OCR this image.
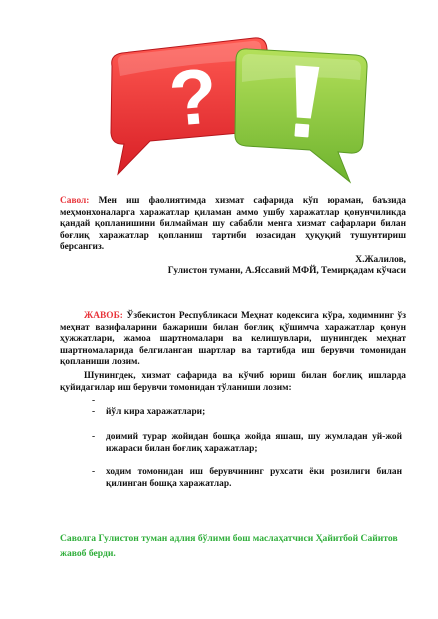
?
Савол: Мен иш фаолиятимда хизмат сафарида кўп юраман, баъзида меҳмонхоналарга харажатлар қиламан аммо ушбу харажатлар қонунчиликда қандай қопланишини билмайман шу сабабли менга хизмат сафарлари билан боғлиқ харажатлар қопланиш тартиби юзасидан ҳуқуқий тушунтириш берсангиз.
Х.Жалилов,
Гулистон тумани, А.Яссавий МФЙ, Темирқадам кўчаси
ЖАВОБ: Ўзбекистон Республикаси Меҳнат кодексига кўра, ходимнинг ўз меҳнат вазифаларини бажариши билан боғлиқ қўшимча харажатлар қонун ҳужжатлари, жамоа шартномалари ва келишувлари, шунингдек меҳнат шартномаларида белгиланган шартлар ва тартибда иш берувчи томонидан қопланиши лозим.
Шунингдек, хизмат сафарида ва кўчиб юриш билан боғлиқ ишларда қуйидагилар иш берувчи томонидан тўланиши лозим:
-
- йўл кира харажатлари;
- доимий турар жойидан бошқа жойда яшаш, шу жумладан уй-жой ижараси билан боғлиқ харажатлар;
- ходим томонидан иш берувчининг рухсати ёки розилиги билан қилинган бошқа харажатлар.
Саволга Гулистон туман адлия бўлими бош маслаҳатчиси Ҳайитбой Сайитов жавоб берди.
